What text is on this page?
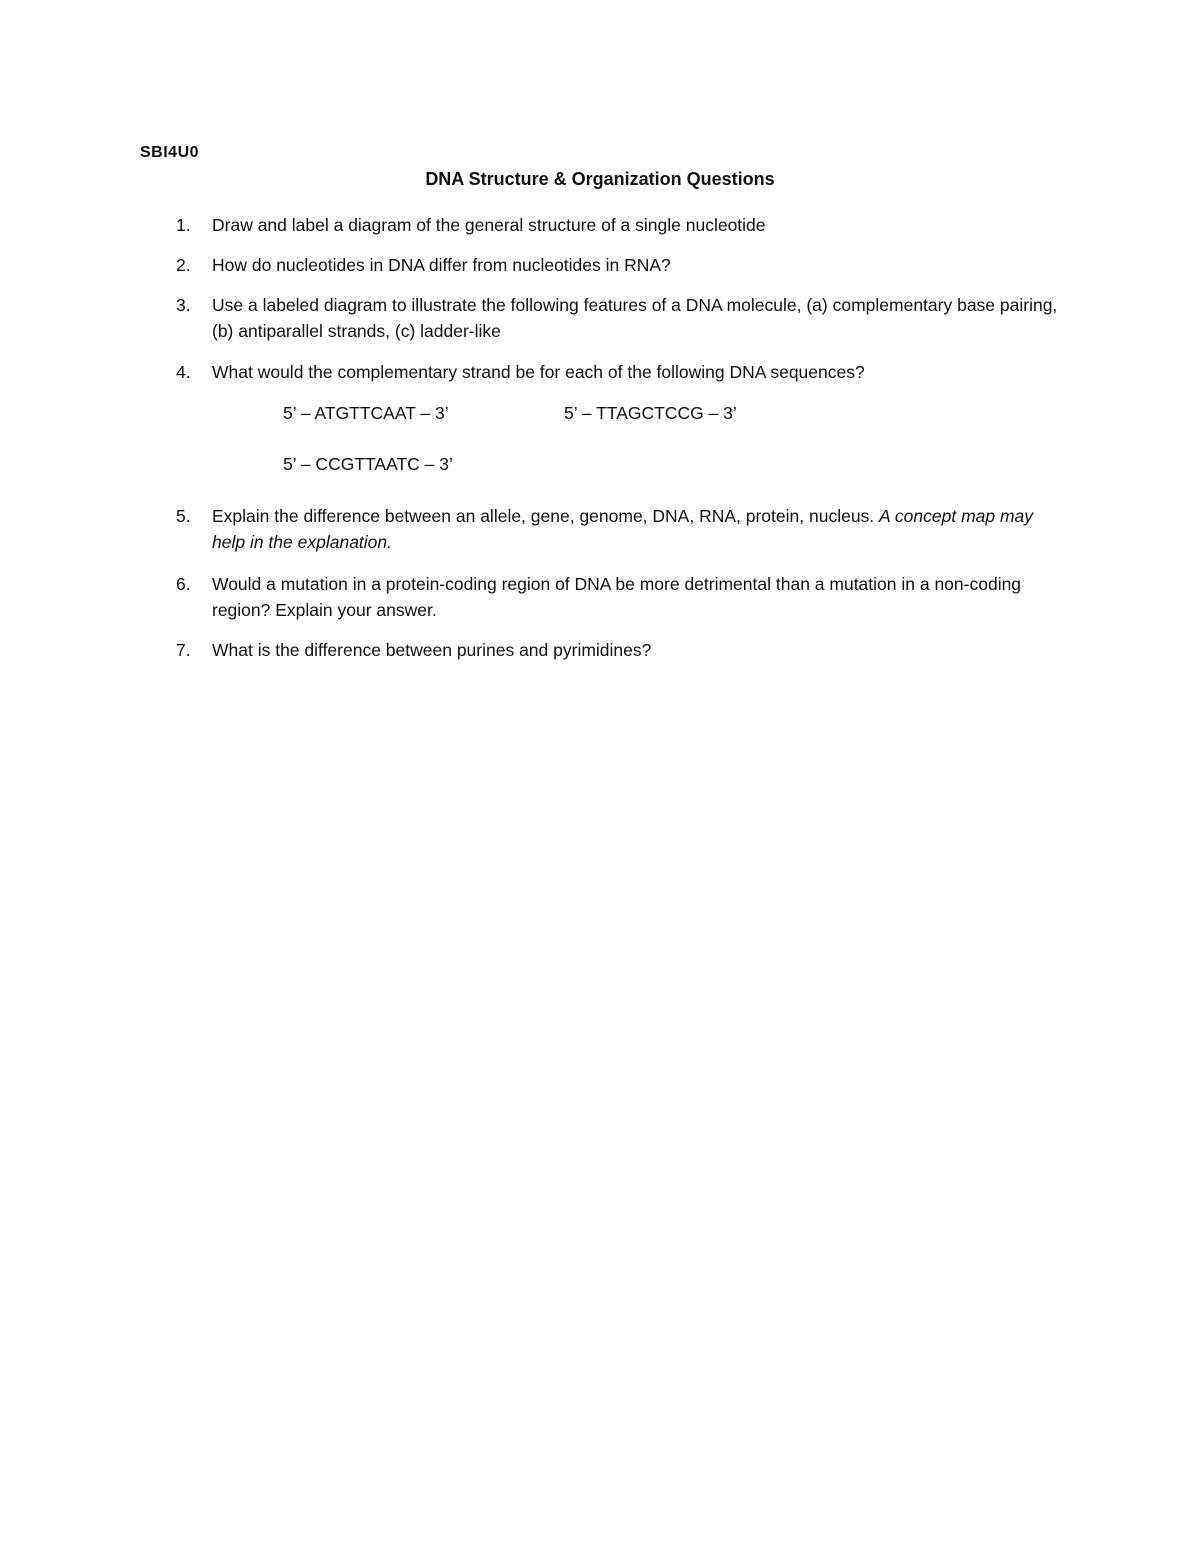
SBI4U0
DNA Structure & Organization Questions
1.	Draw and label a diagram of the general structure of a single nucleotide
2.	How do nucleotides in DNA differ from nucleotides in RNA?
3.	Use a labeled diagram to illustrate the following features of a DNA molecule, (a) complementary base pairing, (b) antiparallel strands, (c) ladder-like
4.	What would the complementary strand be for each of the following DNA sequences?
5’ – ATGTTCAAT – 3’	5’ – TTAGCTCCG – 3’
5’ – CCGTTAATC – 3’
5.	Explain the difference between an allele, gene, genome, DNA, RNA, protein, nucleus. A concept map may help in the explanation.
6.	Would a mutation in a protein-coding region of DNA be more detrimental than a mutation in a non-coding region? Explain your answer.
7.	What is the difference between purines and pyrimidines?
